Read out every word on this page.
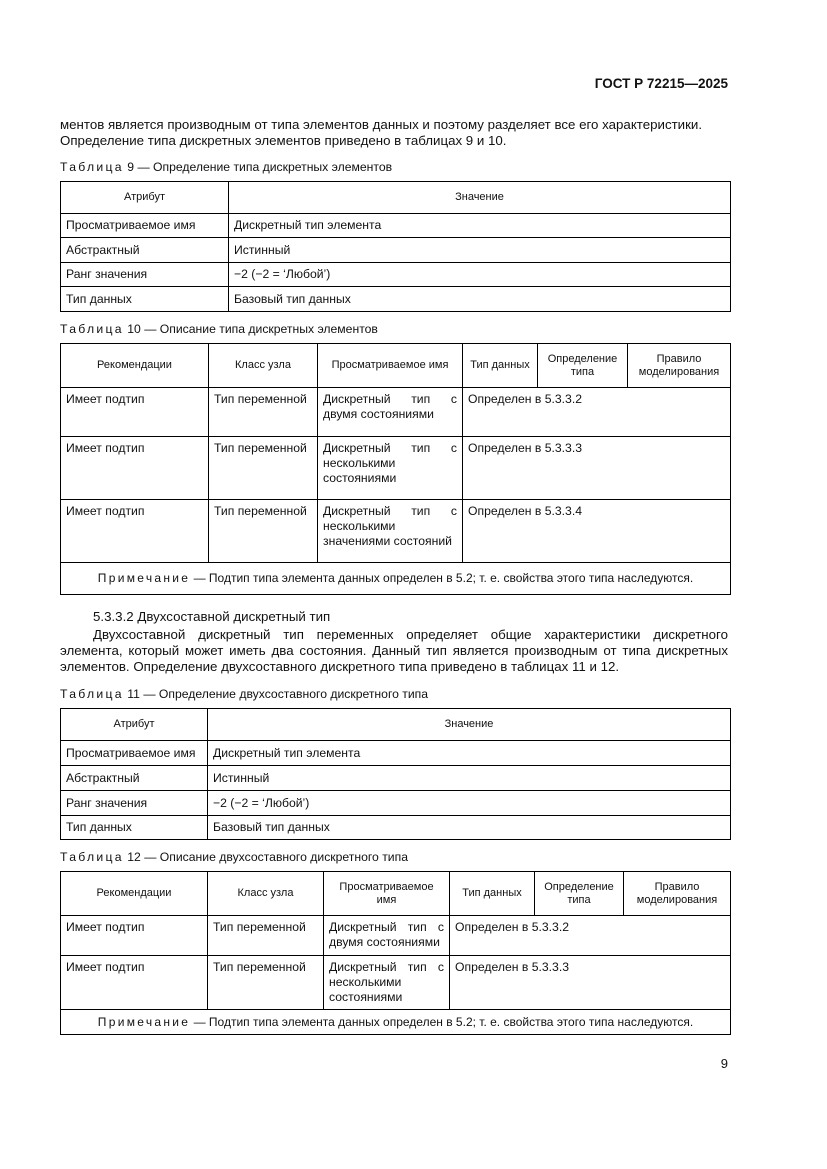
ГОСТ Р 72215—2025
ментов является производным от типа элементов данных и поэтому разделяет все его характеристики.
Определение типа дискретных элементов приведено в таблицах 9 и 10.
Таблица 9 — Определение типа дискретных элементов
Атрибут	Значение
Просматриваемое имя	Дискретный тип элемента
Абстрактный	Истинный
Ранг значения	−2 (−2 = ‘Любой’)
Тип данных	Базовый тип данных
Таблица 10 — Описание типа дискретных элементов
Рекомендации	Класс узла	Просматриваемое имя	Тип данных	Определение типа	Правило моделирования
Имеет подтип	Тип переменной	Дискретный тип с двумя состояниями	Определен в 5.3.3.2		
Имеет подтип	Тип переменной	Дискретный тип с несколькими состояниями	Определен в 5.3.3.3		
Имеет подтип	Тип переменной	Дискретный тип с несколькими значениями состояний	Определен в 5.3.3.4		
Примечание — Подтип типа элемента данных определен в 5.2; т. е. свойства этого типа наследуются.					
5.3.3.2 Двухсоставной дискретный тип
Двухсоставной дискретный тип переменных определяет общие характеристики дискретного элемента, который может иметь два состояния. Данный тип является производным от типа дискретных элементов. Определение двухсоставного дискретного типа приведено в таблицах 11 и 12.
Таблица 11 — Определение двухсоставного дискретного типа
Атрибут	Значение
Просматриваемое имя	Дискретный тип элемента
Абстрактный	Истинный
Ранг значения	−2 (−2 = ‘Любой’)
Тип данных	Базовый тип данных
Таблица 12 — Описание двухсоставного дискретного типа
Рекомендации	Класс узла	Просматриваемое имя	Тип данных	Определение типа	Правило моделирования
Имеет подтип	Тип переменной	Дискретный тип с двумя состояниями	Определен в 5.3.3.2		
Имеет подтип	Тип переменной	Дискретный тип с несколькими состояниями	Определен в 5.3.3.3		
Примечание — Подтип типа элемента данных определен в 5.2; т. е. свойства этого типа наследуются.					
9
